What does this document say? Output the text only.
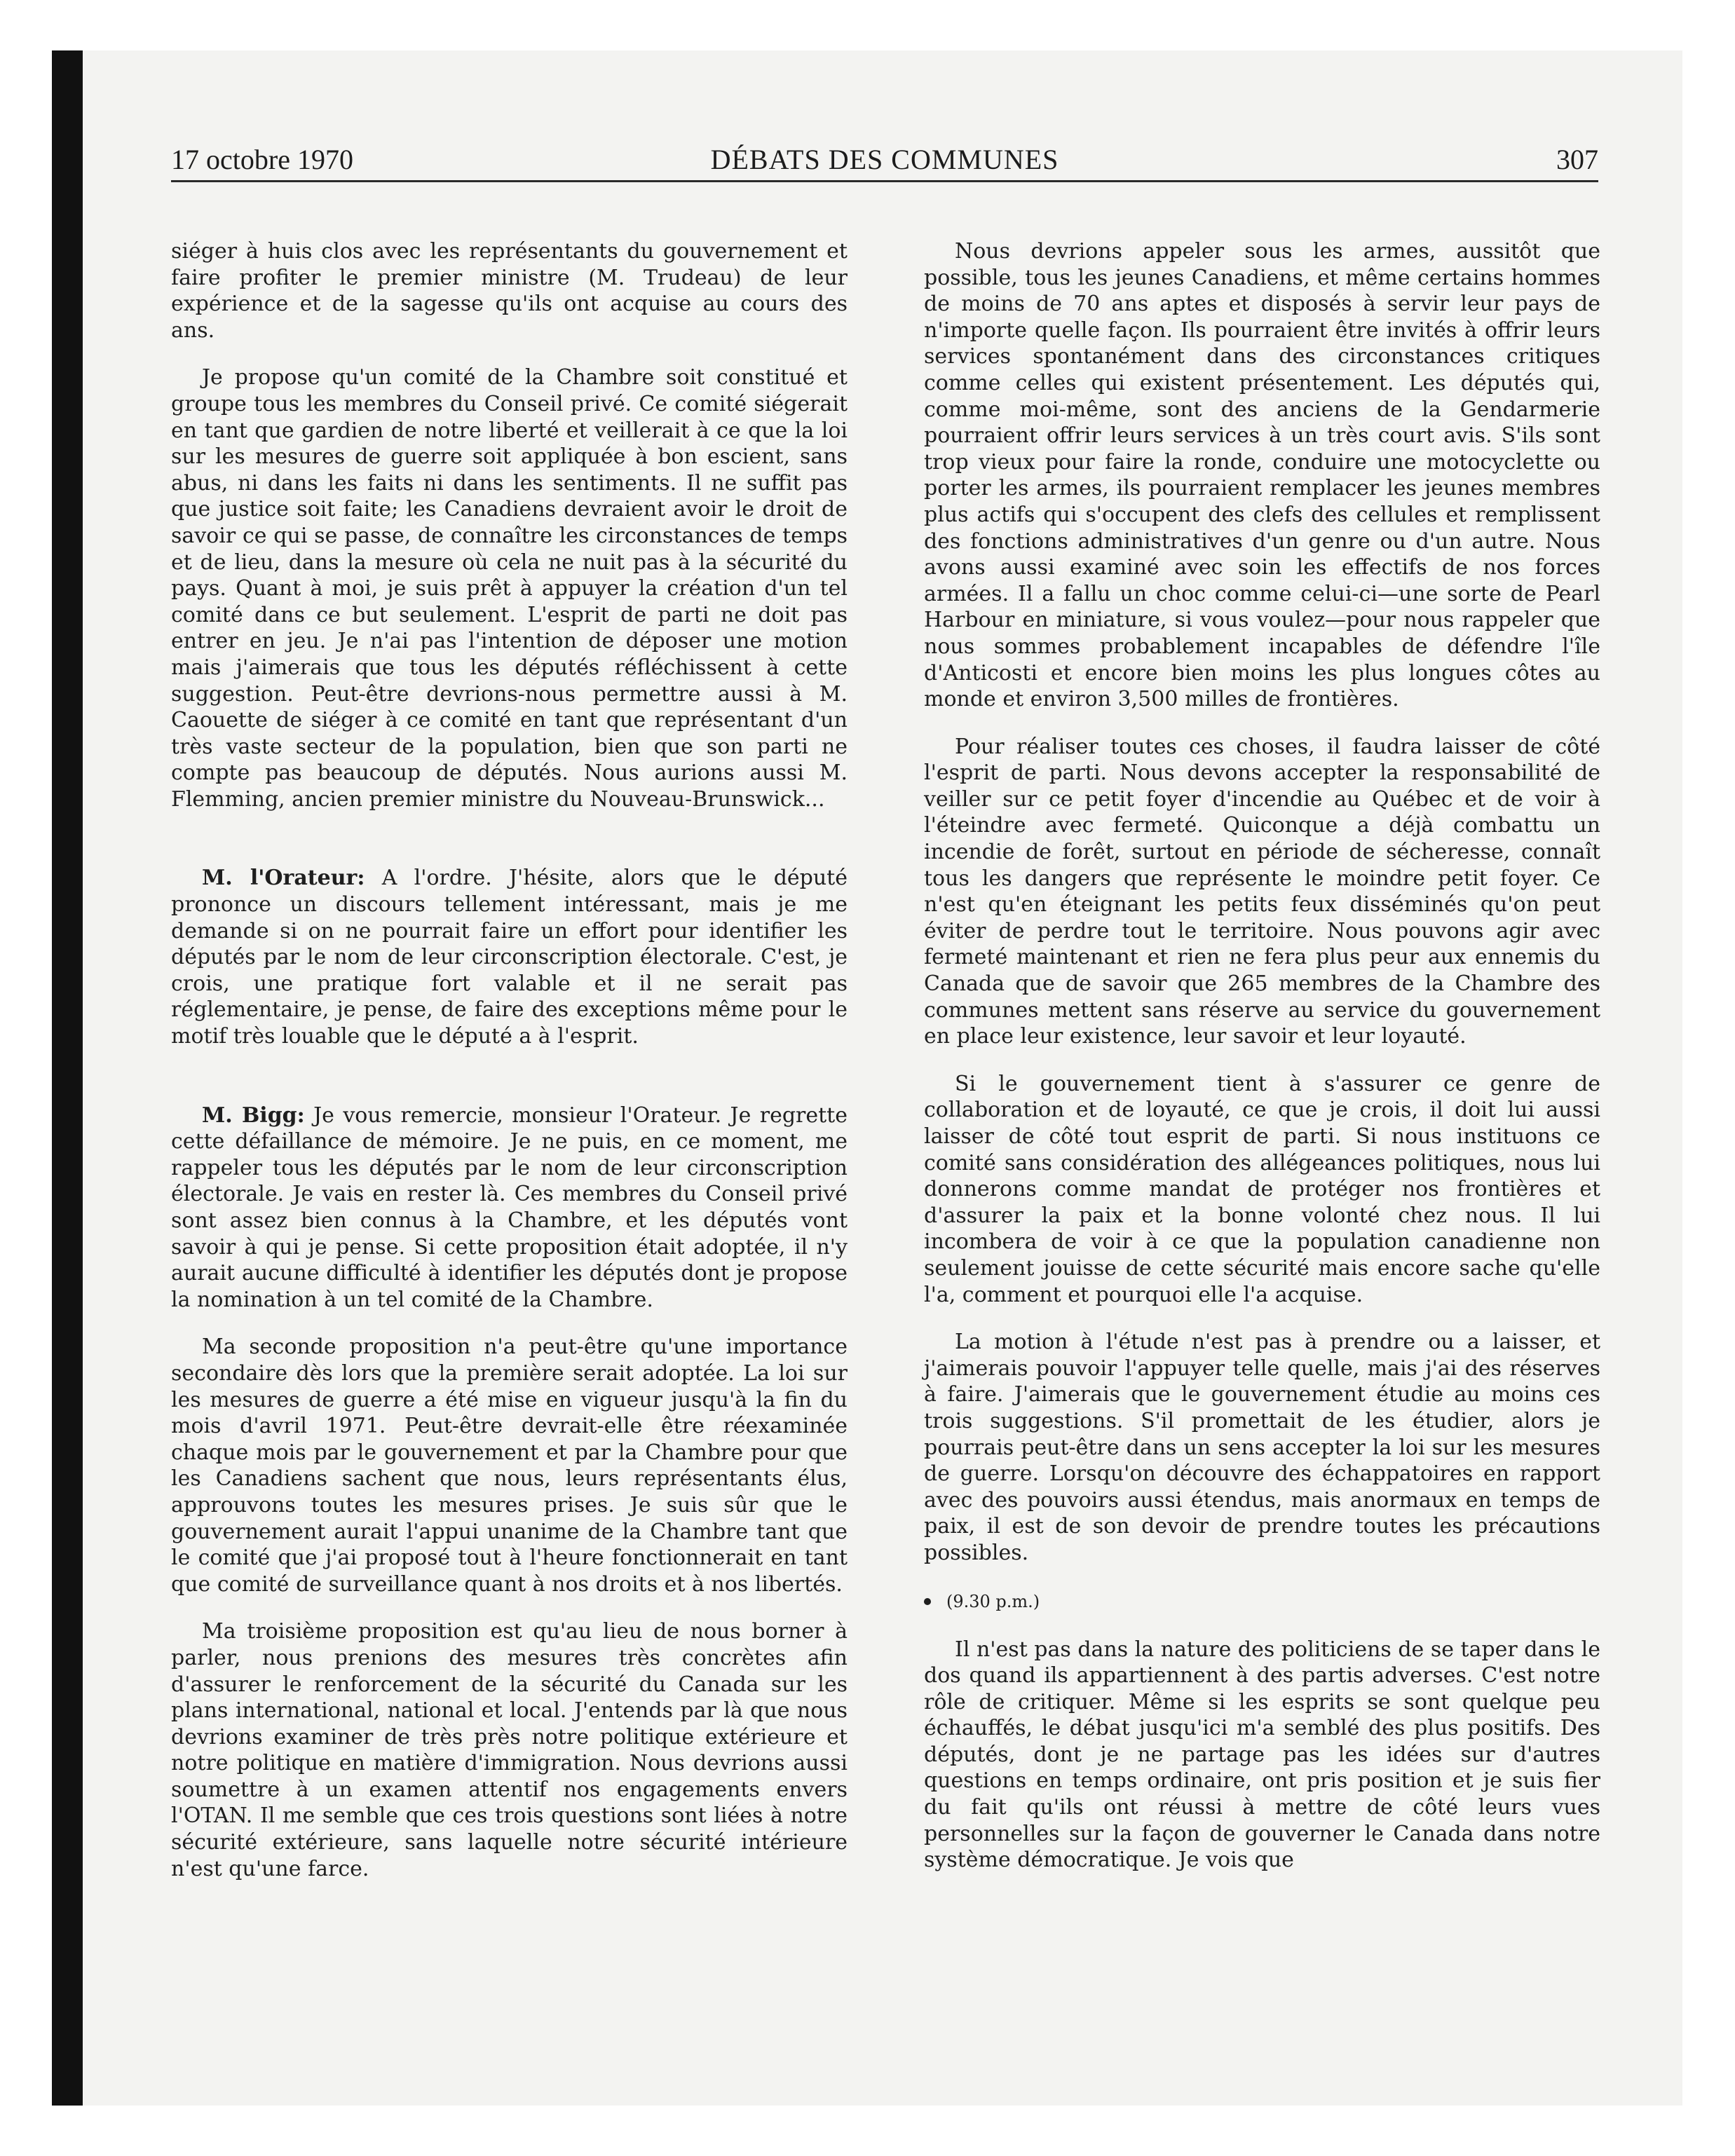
17 octobre 1970	DÉBATS DES COMMUNES	307

siéger à huis clos avec les représentants du gouvernement et faire profiter le premier ministre (M. Trudeau) de leur expérience et de la sagesse qu'ils ont acquise au cours des ans.

Je propose qu'un comité de la Chambre soit constitué et groupe tous les membres du Conseil privé. Ce comité siégerait en tant que gardien de notre liberté et veillerait à ce que la loi sur les mesures de guerre soit appliquée à bon escient, sans abus, ni dans les faits ni dans les sentiments. Il ne suffit pas que justice soit faite; les Canadiens devraient avoir le droit de savoir ce qui se passe, de connaître les circonstances de temps et de lieu, dans la mesure où cela ne nuit pas à la sécurité du pays. Quant à moi, je suis prêt à appuyer la création d'un tel comité dans ce but seulement. L'esprit de parti ne doit pas entrer en jeu. Je n'ai pas l'intention de déposer une motion mais j'aimerais que tous les députés réfléchissent à cette suggestion. Peut-être devrions-nous permettre aussi à M. Caouette de siéger à ce comité en tant que représentant d'un très vaste secteur de la population, bien que son parti ne compte pas beaucoup de députés. Nous aurions aussi M. Flemming, ancien premier ministre du Nouveau-Brunswick...

M. l'Orateur: A l'ordre. J'hésite, alors que le député prononce un discours tellement intéressant, mais je me demande si on ne pourrait faire un effort pour identifier les députés par le nom de leur circonscription électorale. C'est, je crois, une pratique fort valable et il ne serait pas réglementaire, je pense, de faire des exceptions même pour le motif très louable que le député a à l'esprit.

M. Bigg: Je vous remercie, monsieur l'Orateur. Je regrette cette défaillance de mémoire. Je ne puis, en ce moment, me rappeler tous les députés par le nom de leur circonscription électorale. Je vais en rester là. Ces membres du Conseil privé sont assez bien connus à la Chambre, et les députés vont savoir à qui je pense. Si cette proposition était adoptée, il n'y aurait aucune difficulté à identifier les députés dont je propose la nomination à un tel comité de la Chambre.

Ma seconde proposition n'a peut-être qu'une importance secondaire dès lors que la première serait adoptée. La loi sur les mesures de guerre a été mise en vigueur jusqu'à la fin du mois d'avril 1971. Peut-être devrait-elle être réexaminée chaque mois par le gouvernement et par la Chambre pour que les Canadiens sachent que nous, leurs représentants élus, approuvons toutes les mesures prises. Je suis sûr que le gouvernement aurait l'appui unanime de la Chambre tant que le comité que j'ai proposé tout à l'heure fonctionnerait en tant que comité de surveillance quant à nos droits et à nos libertés.

Ma troisième proposition est qu'au lieu de nous borner à parler, nous prenions des mesures très concrètes afin d'assurer le renforcement de la sécurité du Canada sur les plans international, national et local. J'entends par là que nous devrions examiner de très près notre politique extérieure et notre politique en matière d'immigration. Nous devrions aussi soumettre à un examen attentif nos engagements envers l'OTAN. Il me semble que ces trois questions sont liées à notre sécurité extérieure, sans laquelle notre sécurité intérieure n'est qu'une farce.

Nous devrions appeler sous les armes, aussitôt que possible, tous les jeunes Canadiens, et même certains hommes de moins de 70 ans aptes et disposés à servir leur pays de n'importe quelle façon. Ils pourraient être invités à offrir leurs services spontanément dans des circonstances critiques comme celles qui existent présentement. Les députés qui, comme moi-même, sont des anciens de la Gendarmerie pourraient offrir leurs services à un très court avis. S'ils sont trop vieux pour faire la ronde, conduire une motocyclette ou porter les armes, ils pourraient remplacer les jeunes membres plus actifs qui s'occupent des clefs des cellules et remplissent des fonctions administratives d'un genre ou d'un autre. Nous avons aussi examiné avec soin les effectifs de nos forces armées. Il a fallu un choc comme celui-ci—une sorte de Pearl Harbour en miniature, si vous voulez—pour nous rappeler que nous sommes probablement incapables de défendre l'île d'Anticosti et encore bien moins les plus longues côtes au monde et environ 3,500 milles de frontières.

Pour réaliser toutes ces choses, il faudra laisser de côté l'esprit de parti. Nous devons accepter la responsabilité de veiller sur ce petit foyer d'incendie au Québec et de voir à l'éteindre avec fermeté. Quiconque a déjà combattu un incendie de forêt, surtout en période de sécheresse, connaît tous les dangers que représente le moindre petit foyer. Ce n'est qu'en éteignant les petits feux disséminés qu'on peut éviter de perdre tout le territoire. Nous pouvons agir avec fermeté maintenant et rien ne fera plus peur aux ennemis du Canada que de savoir que 265 membres de la Chambre des communes mettent sans réserve au service du gouvernement en place leur existence, leur savoir et leur loyauté.

Si le gouvernement tient à s'assurer ce genre de collaboration et de loyauté, ce que je crois, il doit lui aussi laisser de côté tout esprit de parti. Si nous instituons ce comité sans considération des allégeances politiques, nous lui donnerons comme mandat de protéger nos frontières et d'assurer la paix et la bonne volonté chez nous. Il lui incombera de voir à ce que la population canadienne non seulement jouisse de cette sécurité mais encore sache qu'elle l'a, comment et pourquoi elle l'a acquise.

La motion à l'étude n'est pas à prendre ou a laisser, et j'aimerais pouvoir l'appuyer telle quelle, mais j'ai des réserves à faire. J'aimerais que le gouvernement étudie au moins ces trois suggestions. S'il promettait de les étudier, alors je pourrais peut-être dans un sens accepter la loi sur les mesures de guerre. Lorsqu'on découvre des échappatoires en rapport avec des pouvoirs aussi étendus, mais anormaux en temps de paix, il est de son devoir de prendre toutes les précautions possibles.

(9.30 p.m.)

Il n'est pas dans la nature des politiciens de se taper dans le dos quand ils appartiennent à des partis adverses. C'est notre rôle de critiquer. Même si les esprits se sont quelque peu échauffés, le débat jusqu'ici m'a semblé des plus positifs. Des députés, dont je ne partage pas les idées sur d'autres questions en temps ordinaire, ont pris position et je suis fier du fait qu'ils ont réussi à mettre de côté leurs vues personnelles sur la façon de gouverner le Canada dans notre système démocratique. Je vois que
